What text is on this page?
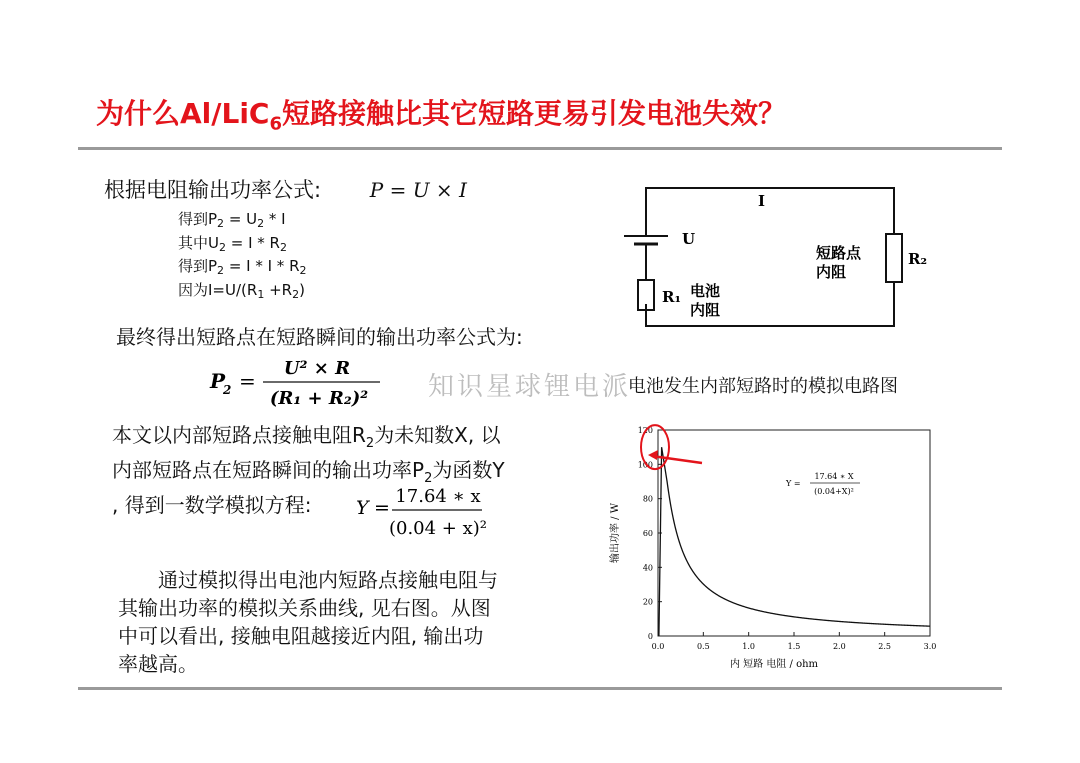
为什么Al/LiC$_6$短路接触比其它短路更易引发电池失效？
根据电阻输出功率公式: P = U × I
得到$P_2 = U_2 * I$
其中$U_2 = I * R_2$
得到$P_2 = I * I * R_2$
因为$I=U/(R_1 +R_2)$
最终得出短路点在短路瞬间的输出功率公式为:
P
2 =
U² × R
(R₁ + R₂)² 知识星球锂电派
I
U
R₁
R₂
电池
内阻
短路点
内阻
电池发生内部短路时的模拟电路图
本文以内部短路点接触电阻$R_2$为未知数X, 以
内部短路点在短路瞬间的输出功率$P_2$为函数Y
, 得到一数学模拟方程:	Y =
17.64 ∗ x
(0.04 + x)²
通过模拟得出电池内短路点接触电阻与
其输出功率的模拟关系曲线, 见右图。从图
中可以看出, 接触电阻越接近内阻, 输出功
率越高。
0.0	0.5	1.0	1.5	2.0	2.5	3.0
0
20
40
60
80
100
120
内 短路 电阻 / ohm
输出功率 / W
Y =
17.64 ∗ X
(0.04+X)²
